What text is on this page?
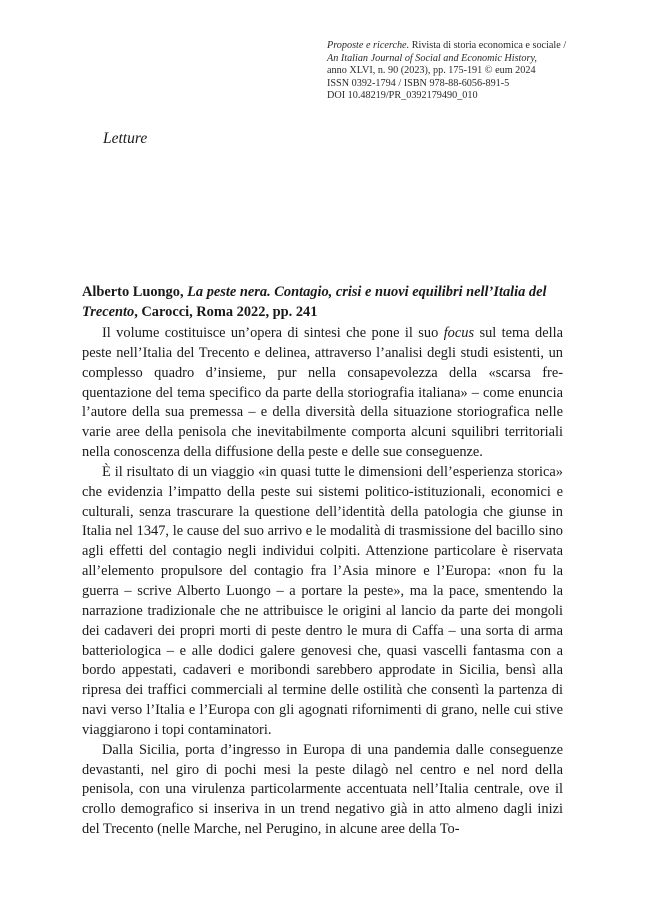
Proposte e ricerche. Rivista di storia economica e sociale /
An Italian Journal of Social and Economic History,
anno XLVI, n. 90 (2023), pp. 175-191 © eum 2024
ISSN 0392-1794 / ISBN 978-88-6056-891-5
DOI 10.48219/PR_0392179490_010
Letture
Alberto Luongo, La peste nera. Contagio, crisi e nuovi equilibri nell’Italia del Trecento, Carocci, Roma 2022, pp. 241

Il volume costituisce un’opera di sintesi che pone il suo focus sul tema della peste nell’Italia del Trecento e delinea, attraverso l’analisi degli studi esistenti, un complesso quadro d’insieme, pur nella consapevolezza della «scarsa frequentazione del tema specifico da parte della storiografia italiana» – come enuncia l’autore della sua premessa – e della diversità della situazione storiografica nelle varie aree della penisola che inevitabilmente comporta alcuni squilibri territoriali nella conoscenza della diffusione della peste e delle sue conseguenze.

È il risultato di un viaggio «in quasi tutte le dimensioni dell’esperienza storica» che evidenzia l’impatto della peste sui sistemi politico-istituzionali, economici e culturali, senza trascurare la questione dell’identità della patologia che giunse in Italia nel 1347, le cause del suo arrivo e le modalità di trasmissione del bacillo sino agli effetti del contagio negli individui colpiti. Attenzione particolare è riservata all’elemento propulsore del contagio fra l’Asia minore e l’Europa: «non fu la guerra – scrive Alberto Luongo – a portare la peste», ma la pace, smentendo la narrazione tradizionale che ne attribuisce le origini al lancio da parte dei mongoli dei cadaveri dei propri morti di peste dentro le mura di Caffa – una sorta di arma batteriologica – e alle dodici galere genovesi che, quasi vascelli fantasma con a bordo appestati, cadaveri e moribondi sarebbero approdate in Sicilia, bensì alla ripresa dei traffici commerciali al termine delle ostilità che consentì la partenza di navi verso l’Italia e l’Europa con gli agognati rifornimenti di grano, nelle cui stive viaggiarono i topi contaminatori.

Dalla Sicilia, porta d’ingresso in Europa di una pandemia dalle conseguenze devastanti, nel giro di pochi mesi la peste dilagò nel centro e nel nord della penisola, con una virulenza particolarmente accentuata nell’Italia centrale, ove il crollo demografico si inseriva in un trend negativo già in atto almeno dagli inizi del Trecento (nelle Marche, nel Perugino, in alcune aree della To-
